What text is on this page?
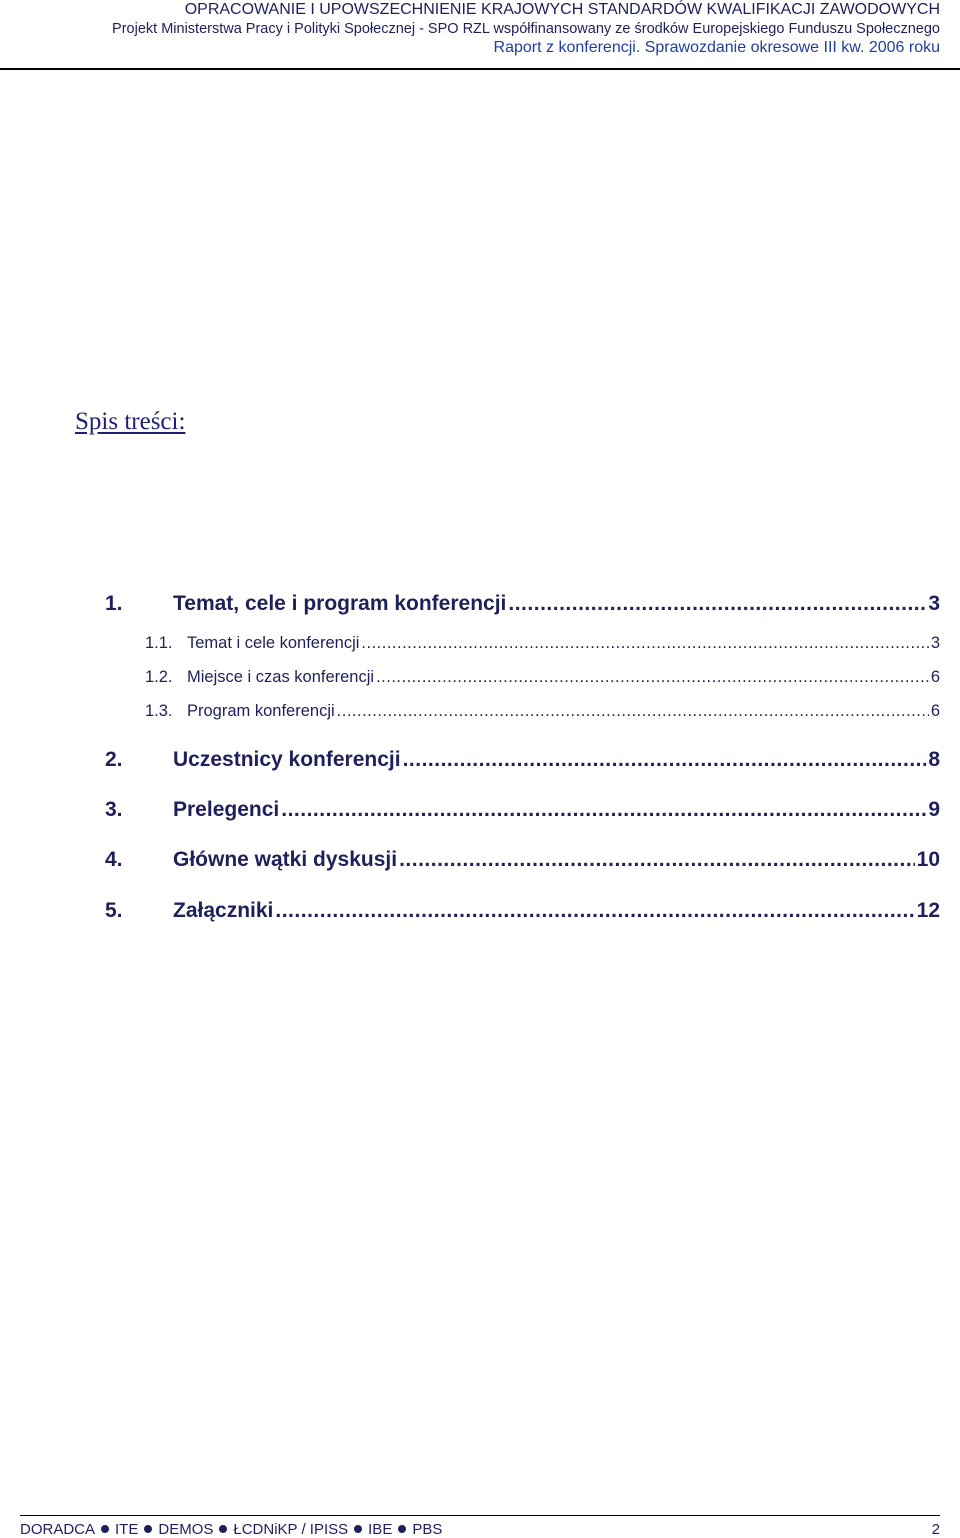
OPRACOWANIE I UPOWSZECHNIENIE KRAJOWYCH STANDARDÓW KWALIFIKACJI ZAWODOWYCH
Projekt Ministerstwa Pracy i Polityki Społecznej - SPO RZL współfinansowany ze środków Europejskiego Funduszu Społecznego
Raport z konferencji. Sprawozdanie okresowe III kw. 2006 roku
Spis treści:
1.	Temat, cele i program konferencji .....	3
1.1. Temat i cele konferencji .....	3
1.2. Miejsce i czas konferencji .....	6
1.3. Program konferencji .....	6
2.	Uczestnicy konferencji .....	8
3.	Prelegenci .....	9
4.	Główne wątki dyskusji .....	10
5.	Załączniki .....	12
DORADCA ITE DEMOS ŁCDNiKP / IPISS IBE PBS	2
